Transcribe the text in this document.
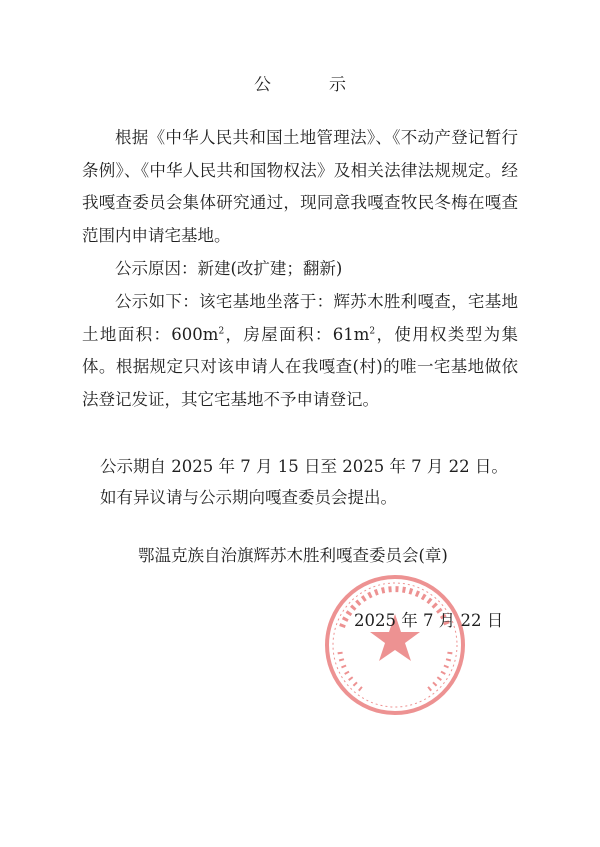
公	示

根据《中华人民共和国土地管理法》、《不动产登记暂行条例》、《中华人民共和国物权法》及相关法律法规规定。经我嘎查委员会集体研究通过，现同意我嘎查牧民冬梅在嘎查范围内申请宅基地。

公示原因：新建(改扩建；翻新)

公示如下：该宅基地坐落于：辉苏木胜利嘎查，宅基地土地面积：$600m^2$，房屋面积：$61m^2$，使用权类型为集体。根据规定只对该申请人在我嘎查(村)的唯一宅基地做依法登记发证，其它宅基地不予申请登记。

公示期自 2025 年 7 月 15 日至 2025 年 7 月 22 日。

如有异议请与公示期向嘎查委员会提出。

鄂温克族自治旗辉苏木胜利嘎查委员会(章)

2025 年 7 月 22 日
